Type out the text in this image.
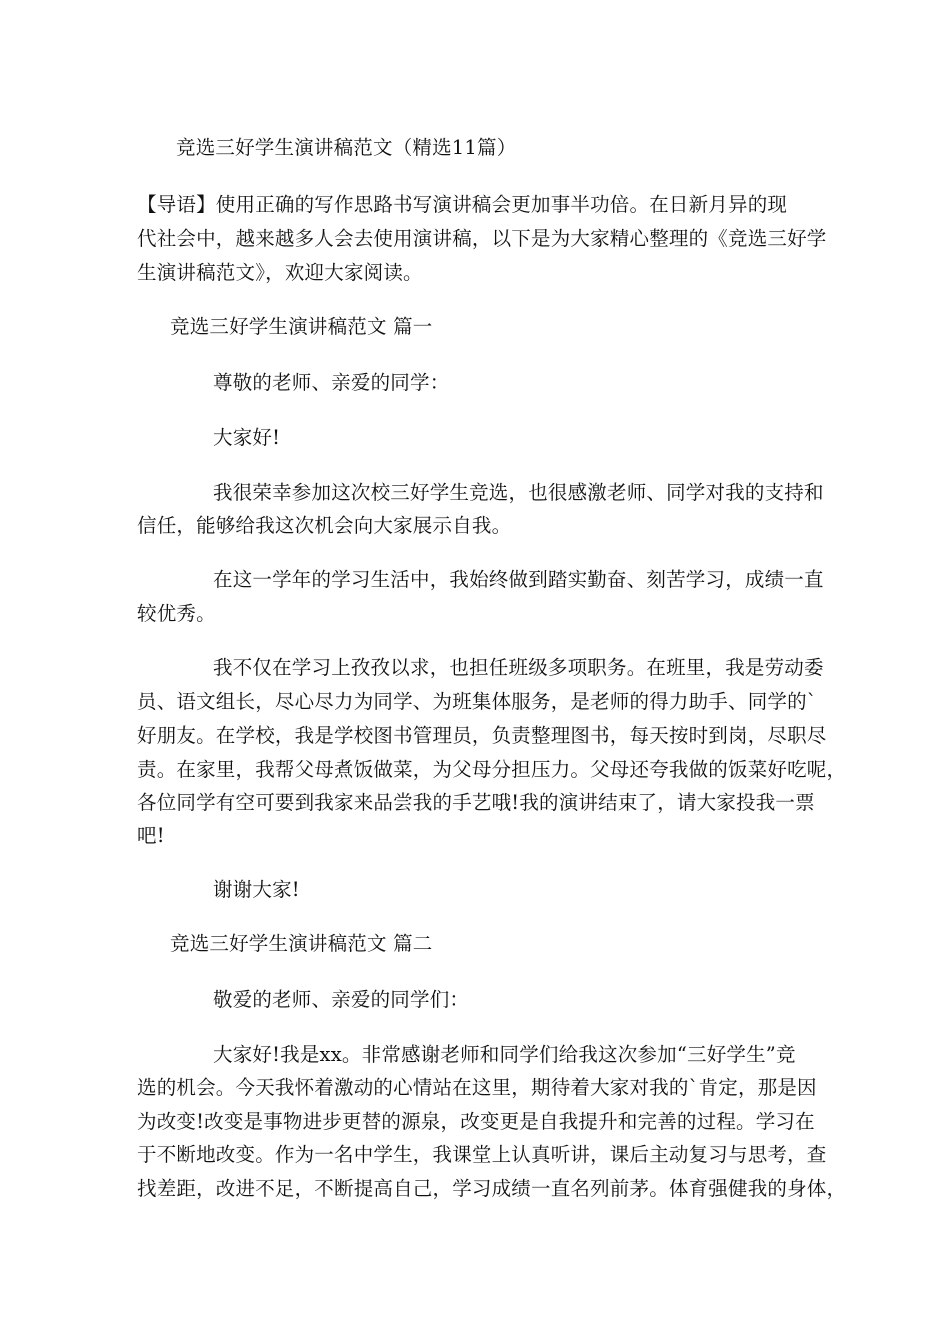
竞选三好学生演讲稿范文（精选11篇）
【导语】使用正确的写作思路书写演讲稿会更加事半功倍。在日新月异的现
代社会中，越来越多人会去使用演讲稿，以下是为大家精心整理的《竞选三好学
生演讲稿范文》，欢迎大家阅读。
竞选三好学生演讲稿范文 篇一
尊敬的老师、亲爱的同学：
大家好!
我很荣幸参加这次校三好学生竞选，也很感激老师、同学对我的支持和
信任，能够给我这次机会向大家展示自我。
在这一学年的学习生活中，我始终做到踏实勤奋、刻苦学习，成绩一直
较优秀。
我不仅在学习上孜孜以求，也担任班级多项职务。在班里，我是劳动委
员、语文组长，尽心尽力为同学、为班集体服务，是老师的得力助手、同学的`
好朋友。在学校，我是学校图书管理员，负责整理图书，每天按时到岗，尽职尽
责。在家里，我帮父母煮饭做菜，为父母分担压力。父母还夸我做的饭菜好吃呢，
各位同学有空可要到我家来品尝我的手艺哦!我的演讲结束了，请大家投我一票
吧!
谢谢大家!
竞选三好学生演讲稿范文 篇二
敬爱的老师、亲爱的同学们：
大家好!我是xx。非常感谢老师和同学们给我这次参加“三好学生”竞
选的机会。今天我怀着激动的心情站在这里，期待着大家对我的`肯定，那是因
为改变!改变是事物进步更替的源泉，改变更是自我提升和完善的过程。学习在
于不断地改变。作为一名中学生，我课堂上认真听讲，课后主动复习与思考，查
找差距，改进不足，不断提高自己，学习成绩一直名列前茅。体育强健我的身体，
